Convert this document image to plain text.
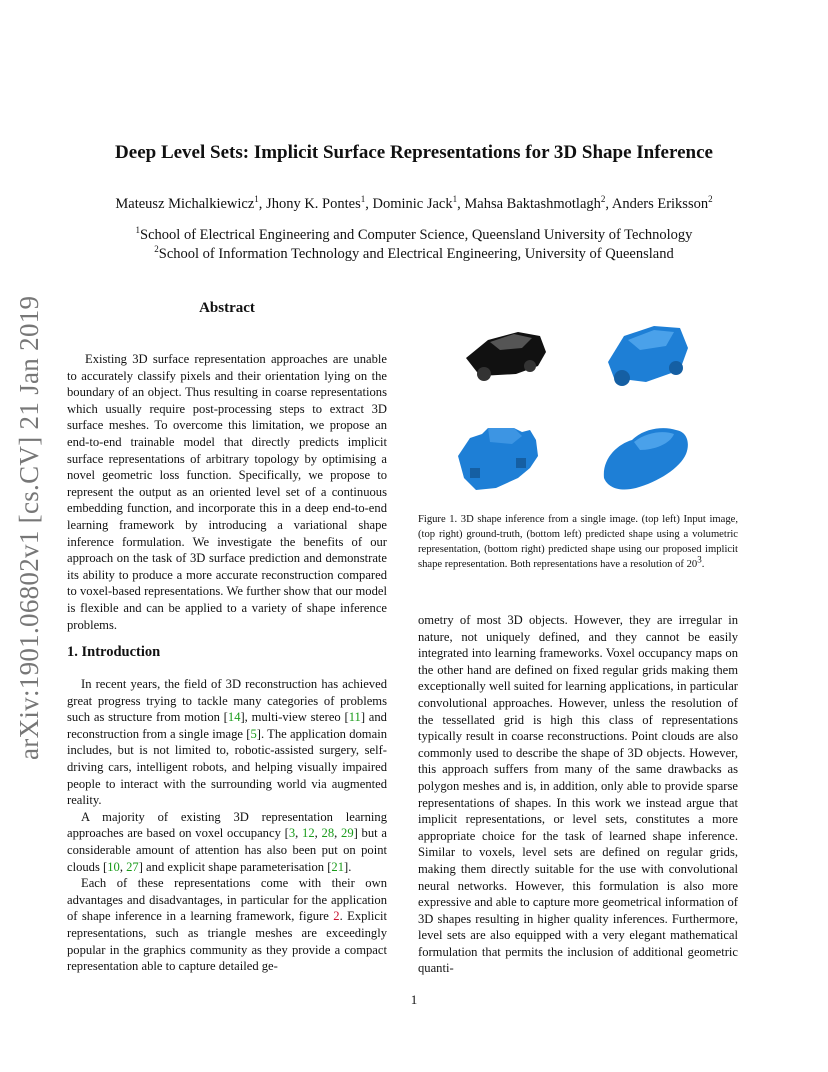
arXiv:1901.06802v1 [cs.CV] 21 Jan 2019
Deep Level Sets: Implicit Surface Representations for 3D Shape Inference
Mateusz Michalkiewicz$^1$, Jhony K. Pontes$^1$, Dominic Jack$^1$, Mahsa Baktashmotlagh$^2$, Anders Eriksson$^2$
$^1$School of Electrical Engineering and Computer Science, Queensland University of Technology
$^2$School of Information Technology and Electrical Engineering, University of Queensland
Abstract

Existing 3D surface representation approaches are unable to accurately classify pixels and their orientation lying on the boundary of an object. Thus resulting in coarse representations which usually require post-processing steps to extract 3D surface meshes. To overcome this limitation, we propose an end-to-end trainable model that directly predicts implicit surface representations of arbitrary topology by optimising a novel geometric loss function. Specifically, we propose to represent the output as an oriented level set of a continuous embedding function, and incorporate this in a deep end-to-end learning framework by introducing a variational shape inference formulation. We investigate the benefits of our approach on the task of 3D surface prediction and demonstrate its ability to produce a more accurate reconstruction compared to voxel-based representations. We further show that our model is flexible and can be applied to a variety of shape inference problems.

1. Introduction

In recent years, the field of 3D reconstruction has achieved great progress trying to tackle many categories of problems such as structure from motion [14], multi-view stereo [11] and reconstruction from a single image [5]. The application domain includes, but is not limited to, robotic-assisted surgery, self-driving cars, intelligent robots, and helping visually impaired people to interact with the surrounding world via augmented reality.

A majority of existing 3D representation learning approaches are based on voxel occupancy [3, 12, 28, 29] but a considerable amount of attention has also been put on point clouds [10, 27] and explicit shape parameterisation [21].

Each of these representations come with their own advantages and disadvantages, in particular for the application of shape inference in a learning framework, figure 2. Explicit representations, such as triangle meshes are exceedingly popular in the graphics community as they provide a compact representation able to capture detailed ge-

Figure 1. 3D shape inference from a single image. (top left) Input image, (top right) ground-truth, (bottom left) predicted shape using a volumetric representation, (bottom right) predicted shape using our proposed implicit shape representation. Both representations have a resolution of $20^3$.

ometry of most 3D objects. However, they are irregular in nature, not uniquely defined, and they cannot be easily integrated into learning frameworks. Voxel occupancy maps on the other hand are defined on fixed regular grids making them exceptionally well suited for learning applications, in particular convolutional approaches. However, unless the resolution of the tessellated grid is high this class of representations typically result in coarse reconstructions. Point clouds are also commonly used to describe the shape of 3D objects. However, this approach suffers from many of the same drawbacks as polygon meshes and is, in addition, only able to provide sparse representations of shapes. In this work we instead argue that implicit representations, or level sets, constitutes a more appropriate choice for the task of learned shape inference. Similar to voxels, level sets are defined on regular grids, making them directly suitable for the use with convolutional neural networks. However, this formulation is also more expressive and able to capture more geometrical information of 3D shapes resulting in higher quality inferences. Furthermore, level sets are also equipped with a very elegant mathematical formulation that permits the inclusion of additional geometric quanti-

1
